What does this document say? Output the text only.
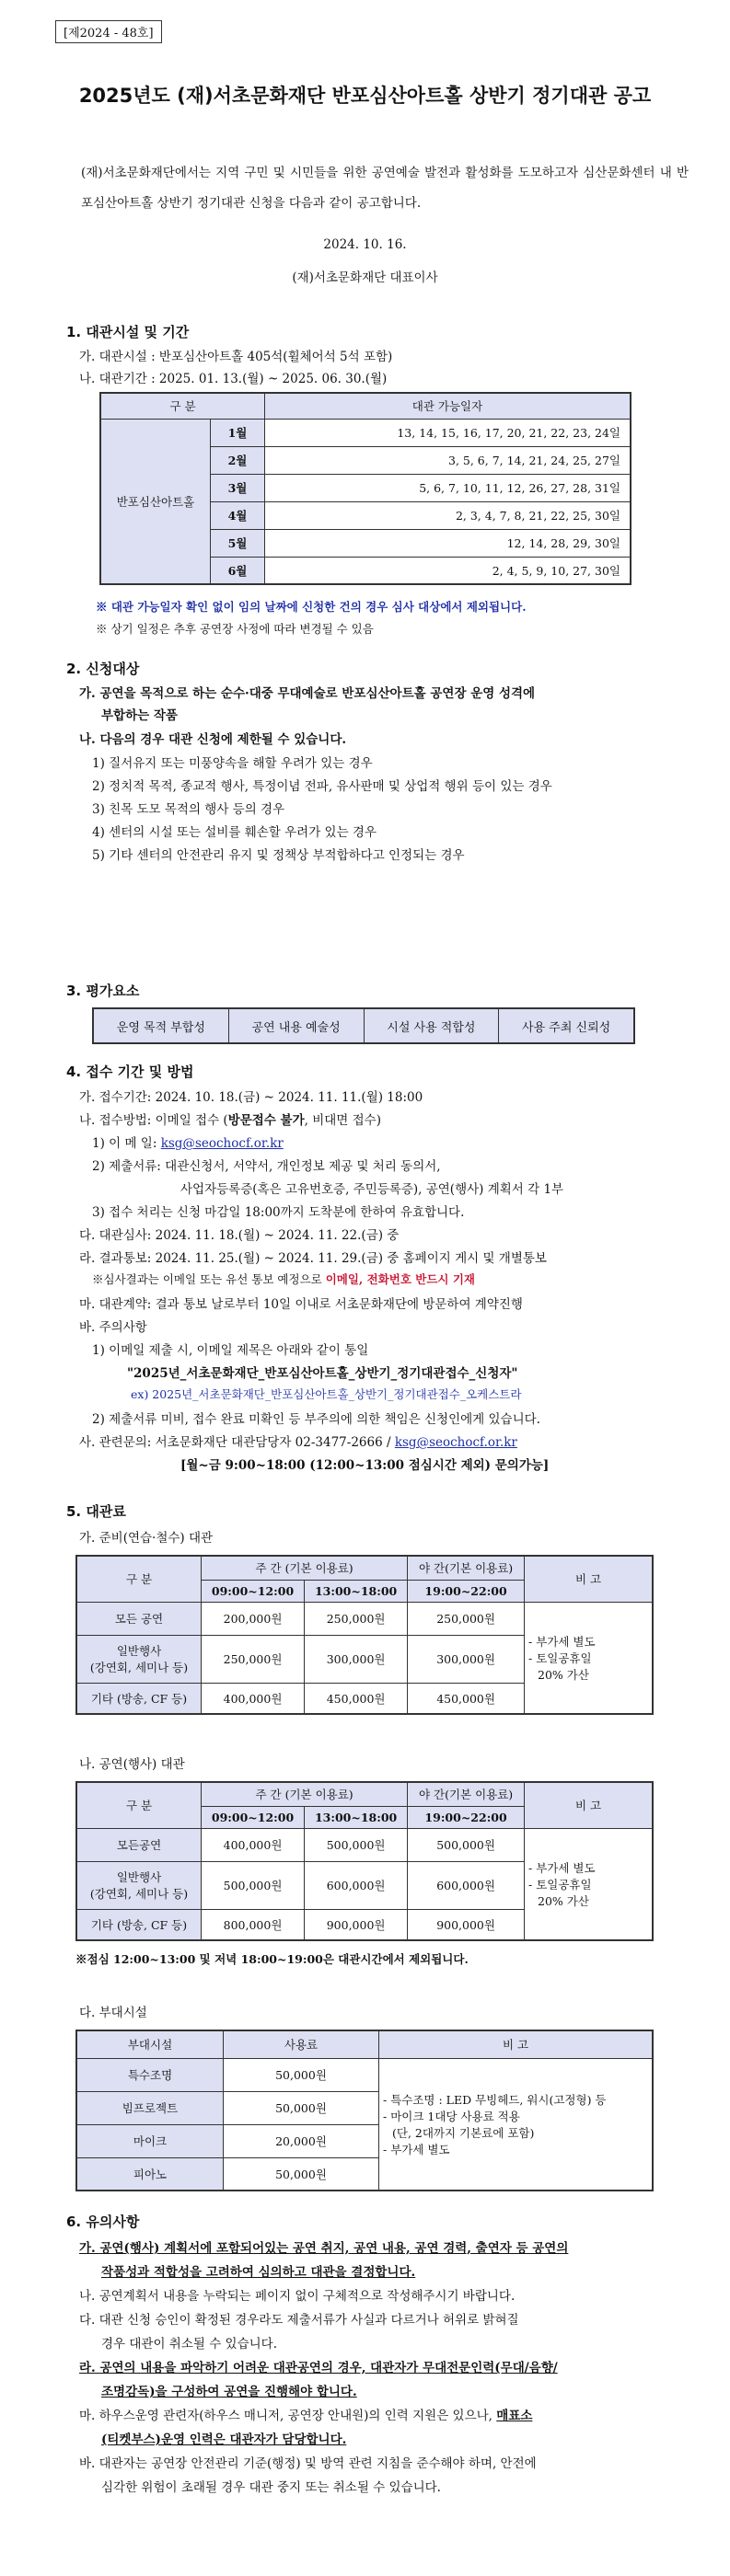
[제2024 - 48호]
2025년도 (재)서초문화재단 반포심산아트홀 상반기 정기대관 공고
(재)서초문화재단에서는 지역 구민 및 시민들을 위한 공연예술 발전과 활성화를 도모하고자 심산문화센터 내 반포심산아트홀 상반기 정기대관 신청을 다음과 같이 공고합니다.
2024. 10. 16.
(재)서초문화재단 대표이사
1. 대관시설 및 기간
가. 대관시설 : 반포심산아트홀 405석(휠체어석 5석 포함)
나. 대관기간 : 2025. 01. 13.(월) ~ 2025. 06. 30.(월)
구 분		대관 가능일자
반포심산아트홀	1월	13, 14, 15, 16, 17, 20, 21, 22, 23, 24일
	2월	3, 5, 6, 7, 14, 21, 24, 25, 27일
	3월	5, 6, 7, 10, 11, 12, 26, 27, 28, 31일
	4월	2, 3, 4, 7, 8, 21, 22, 25, 30일
	5월	12, 14, 28, 29, 30일
	6월	2, 4, 5, 9, 10, 27, 30일
※ 대관 가능일자 확인 없이 임의 날짜에 신청한 건의 경우 심사 대상에서 제외됩니다.
※ 상기 일정은 추후 공연장 사정에 따라 변경될 수 있음
2. 신청대상
가. 공연을 목적으로 하는 순수·대중 무대예술로 반포심산아트홀 공연장 운영 성격에
부합하는 작품
나. 다음의 경우 대관 신청에 제한될 수 있습니다.
1) 질서유지 또는 미풍양속을 해할 우려가 있는 경우
2) 정치적 목적, 종교적 행사, 특정이념 전파, 유사판매 및 상업적 행위 등이 있는 경우
3) 친목 도모 목적의 행사 등의 경우
4) 센터의 시설 또는 설비를 훼손할 우려가 있는 경우
5) 기타 센터의 안전관리 유지 및 정책상 부적합하다고 인정되는 경우
3. 평가요소
운영 목적 부합성	공연 내용 예술성	시설 사용 적합성	사용 주최 신뢰성
4. 접수 기간 및 방법
가. 접수기간: 2024. 10. 18.(금) ~ 2024. 11. 11.(월) 18:00
나. 접수방법: 이메일 접수 (방문접수 불가, 비대면 접수)
1) 이 메 일: ksg@seochocf.or.kr
2) 제출서류: 대관신청서, 서약서, 개인정보 제공 및 처리 동의서,
사업자등록증(혹은 고유번호증, 주민등록증), 공연(행사) 계획서 각 1부
3) 접수 처리는 신청 마감일 18:00까지 도착분에 한하여 유효합니다.
다. 대관심사: 2024. 11. 18.(월) ~ 2024. 11. 22.(금) 중
라. 결과통보: 2024. 11. 25.(월) ~ 2024. 11. 29.(금) 중 홈페이지 게시 및 개별통보
※심사결과는 이메일 또는 유선 통보 예정으로 이메일, 전화번호 반드시 기재
마. 대관계약: 결과 통보 날로부터 10일 이내로 서초문화재단에 방문하여 계약진행
바. 주의사항
1) 이메일 제출 시, 이메일 제목은 아래와 같이 통일
"2025년_서초문화재단_반포심산아트홀_상반기_정기대관접수_신청자"
ex) 2025년_서초문화재단_반포심산아트홀_상반기_정기대관접수_오케스트라
2) 제출서류 미비, 접수 완료 미확인 등 부주의에 의한 책임은 신청인에게 있습니다.
사. 관련문의: 서초문화재단 대관담당자 02-3477-2666 / ksg@seochocf.or.kr
[월~금 9:00~18:00 (12:00~13:00 점심시간 제외) 문의가능]
5. 대관료
가. 준비(연습·철수) 대관
구 분	주 간 (기본 이용료)		야 간(기본 이용료)	비 고
	09:00~12:00	13:00~18:00	19:00~22:00	
모든 공연	200,000원	250,000원	250,000원	- 부가세 별도
- 토일공휴일
20% 가산

일반행사
(강연회, 세미나 등)	250,000원	300,000원	300,000원	
기타 (방송, CF 등)	400,000원	450,000원	450,000원	
나. 공연(행사) 대관
구 분	주 간 (기본 이용료)		야 간(기본 이용료)	비 고
	09:00~12:00	13:00~18:00	19:00~22:00	
모든공연	400,000원	500,000원	500,000원	- 부가세 별도
- 토일공휴일
20% 가산

일반행사
(강연회, 세미나 등)	500,000원	600,000원	600,000원	
기타 (방송, CF 등)	800,000원	900,000원	900,000원	
※점심 12:00~13:00 및 저녁 18:00~19:00은 대관시간에서 제외됩니다.
다. 부대시설
부대시설	사용료	비 고
특수조명	50,000원	- 특수조명 : LED 무빙헤드, 워시(고정형) 등
- 마이크 1대당 사용료 적용
(단, 2대까지 기본료에 포함)
- 부가세 별도

빔프로젝트	50,000원	
마이크	20,000원	
피아노	50,000원	
6. 유의사항
가. 공연(행사) 계획서에 포함되어있는 공연 취지, 공연 내용, 공연 경력, 출연자 등 공연의
작품성과 적합성을 고려하여 심의하고 대관을 결정합니다.
나. 공연계획서 내용을 누락되는 페이지 없이 구체적으로 작성해주시기 바랍니다.
다. 대관 신청 승인이 확정된 경우라도 제출서류가 사실과 다르거나 허위로 밝혀질
경우 대관이 취소될 수 있습니다.
라. 공연의 내용을 파악하기 어려운 대관공연의 경우, 대관자가 무대전문인력(무대/음향/
조명감독)을 구성하여 공연을 진행해야 합니다.
마. 하우스운영 관련자(하우스 매니저, 공연장 안내원)의 인력 지원은 있으나, 매표소
(티켓부스)운영 인력은 대관자가 담당합니다.
바. 대관자는 공연장 안전관리 기준(행정) 및 방역 관련 지침을 준수해야 하며, 안전에
심각한 위험이 초래될 경우 대관 중지 또는 취소될 수 있습니다.
